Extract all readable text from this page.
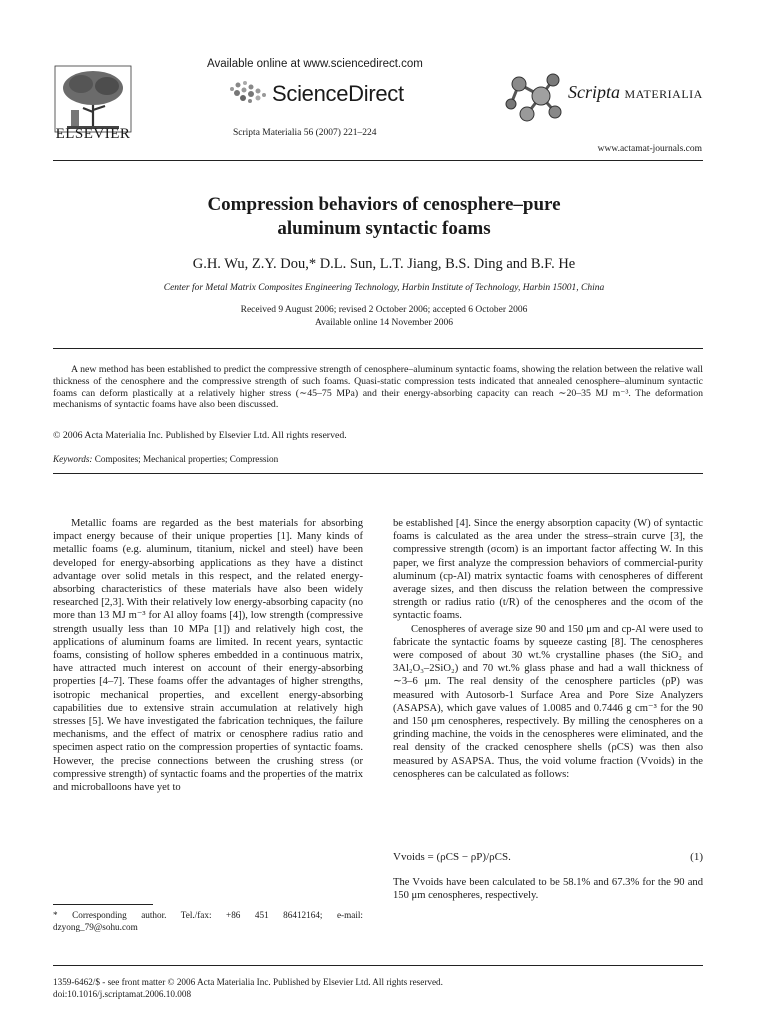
ELSEVIER
Available online at www.sciencedirect.com
ScienceDirect
Scripta Materialia 56 (2007) 221–224
Scripta MATERIALIA
www.actamat-journals.com
Compression behaviors of cenosphere–pure
aluminum syntactic foams
G.H. Wu, Z.Y. Dou,* D.L. Sun, L.T. Jiang, B.S. Ding and B.F. He
Center for Metal Matrix Composites Engineering Technology, Harbin Institute of Technology, Harbin 15001, China
Received 9 August 2006; revised 2 October 2006; accepted 6 October 2006
Available online 14 November 2006

A new method has been established to predict the compressive strength of cenosphere–aluminum syntactic foams, showing the relation between the relative wall thickness of the cenosphere and the compressive strength of such foams. Quasi-static compression tests indicated that annealed cenosphere–aluminum syntactic foams can deform plastically at a relatively higher stress (∼45–75 MPa) and their energy-absorbing capacity can reach ∼20–35 MJ m⁻³. The deformation mechanisms of syntactic foams have also been discussed.

© 2006 Acta Materialia Inc. Published by Elsevier Ltd. All rights reserved.
Keywords: Composites; Mechanical properties; Compression

Metallic foams are regarded as the best materials for absorbing impact energy because of their unique properties [1]. Many kinds of metallic foams (e.g. aluminum, titanium, nickel and steel) have been developed for energy-absorbing applications as they have a distinct advantage over solid metals in this respect, and the related energy-absorbing characteristics of these materials have also been widely researched [2,3]. With their relatively low energy-absorbing capacity (no more than 13 MJ m⁻³ for Al alloy foams [4]), low strength (compressive strength usually less than 10 MPa [1]) and relatively high cost, the applications of aluminum foams are limited. In recent years, syntactic foams, consisting of hollow spheres embedded in a continuous matrix, have attracted much interest on account of their energy-absorbing properties [4–7]. These foams offer the advantages of higher strengths, isotropic mechanical properties, and excellent energy-absorbing capabilities due to extensive strain accumulation at relatively high stresses [5]. We have investigated the fabrication techniques, the failure mechanisms, and the effect of matrix or cenosphere radius ratio and specimen aspect ratio on the compression properties of syntactic foams. However, the precise connections between the crushing stress (or compressive strength) of syntactic foams and the properties of the matrix and microballoons have yet to

be established [4]. Since the energy absorption capacity (W) of syntactic foams is calculated as the area under the stress–strain curve [3], the compressive strength (σcom) is an important factor affecting W. In this paper, we first analyze the compression behaviors of commercial-purity aluminum (cp-Al) matrix syntactic foams with cenospheres of different average sizes, and then discuss the relation between the compressive strength or radius ratio (t/R) of the cenospheres and the σcom of the syntactic foams.

Cenospheres of average size 90 and 150 μm and cp-Al were used to fabricate the syntactic foams by squeeze casting [8]. The cenospheres were composed of about 30 wt.% crystalline phases (the SiO₂ and 3Al₂O₃–2SiO₂) and 70 wt.% glass phase and had a wall thickness of ∼3–6 μm. The real density of the cenosphere particles (ρP) was measured with Autosorb-1 Surface Area and Pore Size Analyzers (ASAPSA), which gave values of 1.0085 and 0.7446 g cm⁻³ for the 90 and 150 μm cenospheres, respectively. By milling the cenospheres on a grinding machine, the voids in the cenospheres were eliminated, and the real density of the cracked cenosphere shells (ρCS) was then also measured by ASAPSA. Thus, the void volume fraction (Vvoids) in the cenospheres can be calculated as follows:

Vvoids = (ρCS − ρP)/ρCS.	(1)

The Vvoids have been calculated to be 58.1% and 67.3% for the 90 and 150 μm cenospheres, respectively.

* Corresponding author. Tel./fax: +86 451 86412164; e-mail: dzyong_79@sohu.com
1359-6462/$ - see front matter © 2006 Acta Materialia Inc. Published by Elsevier Ltd. All rights reserved.
doi:10.1016/j.scriptamat.2006.10.008
